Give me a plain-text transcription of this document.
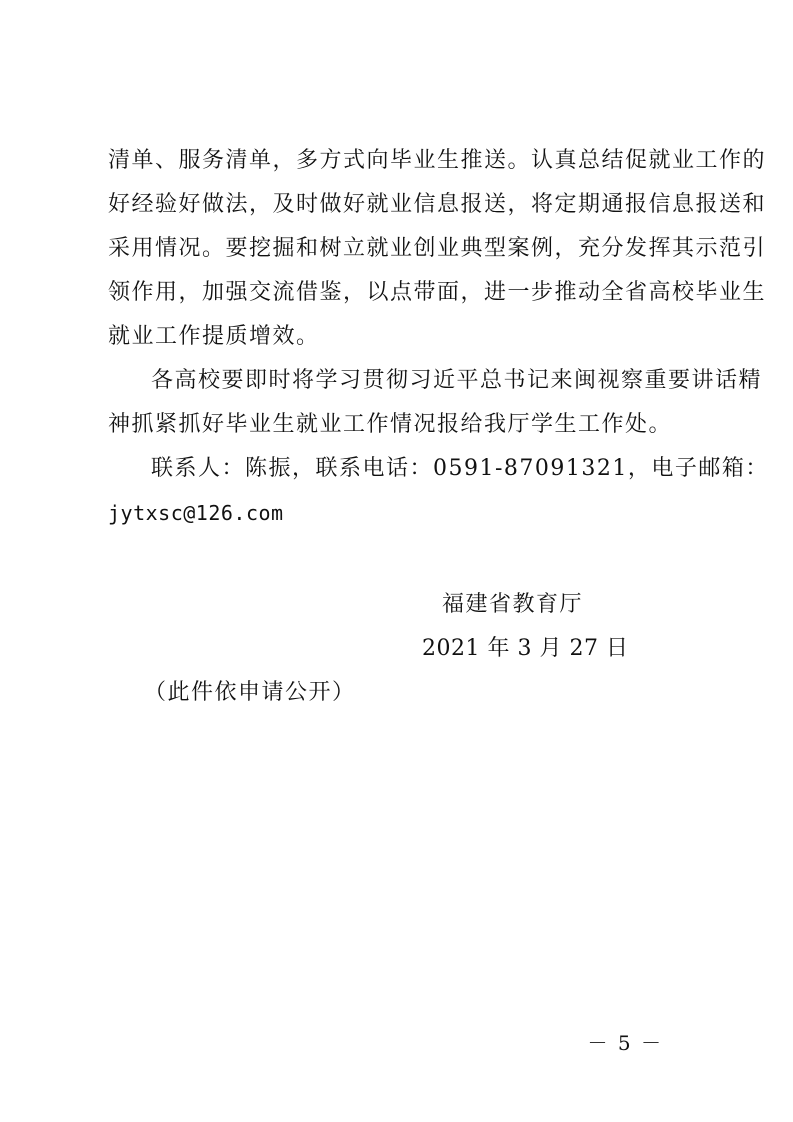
清单、服务清单，多方式向毕业生推送。认真总结促就业工作的
好经验好做法，及时做好就业信息报送，将定期通报信息报送和
采用情况。要挖掘和树立就业创业典型案例，充分发挥其示范引
领作用，加强交流借鉴，以点带面，进一步推动全省高校毕业生
就业工作提质增效。
各高校要即时将学习贯彻习近平总书记来闽视察重要讲话精
神抓紧抓好毕业生就业工作情况报给我厅学生工作处。
联系人：陈振，联系电话：0591-87091321，电子邮箱：
jytxsc@126.com
福建省教育厅
2021 年 3 月 27 日
（此件依申请公开）
－ 5 －
